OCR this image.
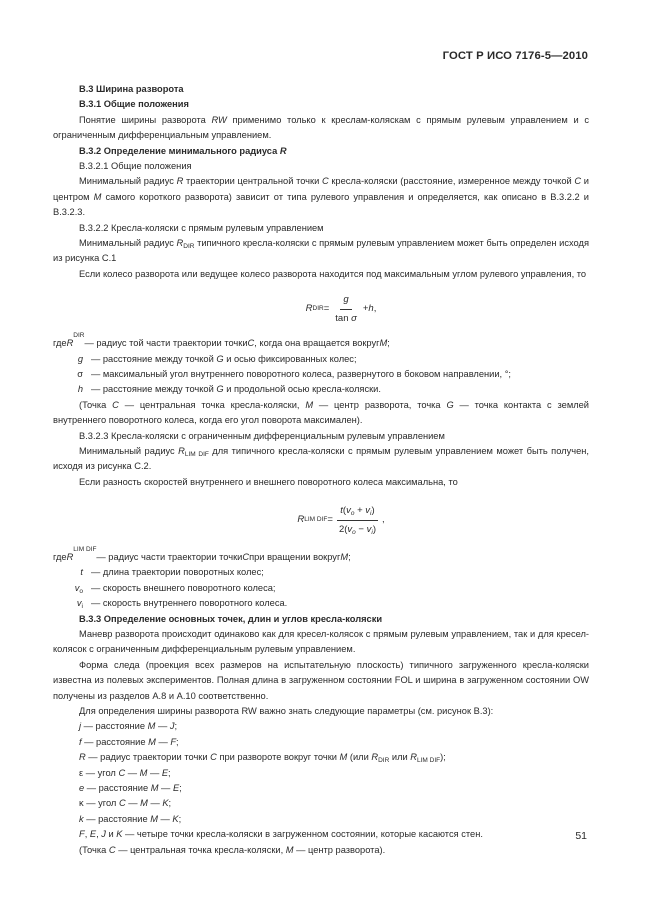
ГОСТ Р ИСО 7176-5—2010

В.3 Ширина разворота

В.3.1 Общие положения

Понятие ширины разворота RW применимо только к креслам-коляскам с прямым рулевым управлением и с ограниченным дифференциальным управлением.

В.3.2 Определение минимального радиуса R

В.3.2.1 Общие положения

Минимальный радиус R траектории центральной точки C кресла-коляски (расстояние, измеренное между точкой C и центром M самого короткого разворота) зависит от типа рулевого управления и определяется, как описано в В.3.2.2 и В.3.2.3.

В.3.2.2 Кресла-коляски с прямым рулевым управлением

Минимальный радиус $R_{DIR}$ типичного кресла-коляски с прямым рулевым управлением может быть определен исходя из рисунка С.1

Если колесо разворота или ведущее колесо разворота находится под максимальным углом рулевого управления, то

R DIR = $\frac{g}{\text{tan σ}} + h$ ,
где R
DIR
— радиус той части траектории точки C , когда она вращается вокруг M ;
g — расстояние между точкой G и осью фиксированных колес;
σ — максимальный угол внутреннего поворотного колеса, развернутого в боковом направлении, °;
h — расстояние между точкой G и продольной осью кресла-коляски.

(Точка C — центральная точка кресла-коляски, M — центр разворота, точка G — точка контакта с землей внутреннего поворотного колеса, когда его угол поворота максимален).

В.3.2.3 Кресла-коляски с ограниченным дифференциальным рулевым управлением

Минимальный радиус $R_{LIM DIF}$ для типичного кресла-коляски с прямым рулевым управлением может быть получен, исходя из рисунка С.2.

Если разность скоростей внутреннего и внешнего поворотного колеса максимальна, то

R LIM DIF = $\frac{t(v_o + v_i)}{2(v_o - v_i)}$ ,
где R
LIM DIF
— радиус части траектории точки C при вращении вокруг M ;
t — длина траектории поворотных колес;
$v_o$ — скорость внешнего поворотного колеса;
$v_i$ — скорость внутреннего поворотного колеса.

В.3.3 Определение основных точек, длин и углов кресла-коляски

Маневр разворота происходит одинаково как для кресел-колясок с прямым рулевым управлением, так и для кресел-колясок с ограниченным дифференциальным рулевым управлением.

Форма следа (проекция всех размеров на испытательную плоскость) типичного загруженного кресла-коляски известна из полевых экспериментов. Полная длина в загруженном состоянии FOL и ширина в загруженном состоянии OW получены из разделов А.8 и А.10 соответственно.

Для определения ширины разворота RW важно знать следующие параметры (см. рисунок В.3):

j — расстояние M — J;
f — расстояние M — F;
R — радиус траектории точки C при развороте вокруг точки M (или $R_{DIR}$ или $R_{LIM DIF}$);
ε — угол C — M — E;
e — расстояние M — E;
κ — угол C — M — K;
k — расстояние M — K;
F, E, J и K — четыре точки кресла-коляски в загруженном состоянии, которые касаются стен.
(Точка C — центральная точка кресла-коляски, M — центр разворота).
51
